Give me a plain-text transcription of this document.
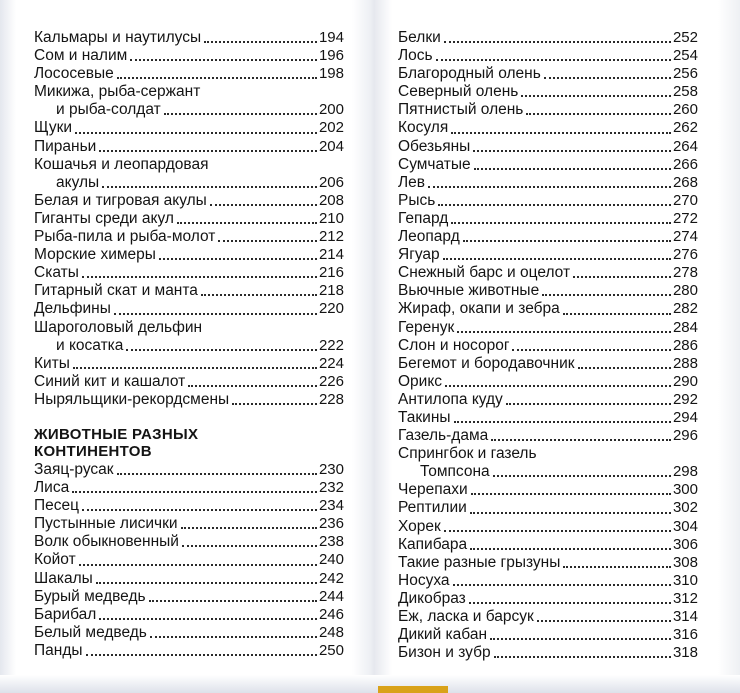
Кальмары и наутилусы	194
Сом и налим	196
Лососевые	198
Микижа, рыба-сержант
и рыба-солдат	200
Щуки	202
Пираньи	204
Кошачья и леопардовая
акулы	206
Белая и тигровая акулы	208
Гиганты среди акул	210
Рыба-пила и рыба-молот	212
Морские химеры	214
Скаты	216
Гитарный скат и манта	218
Дельфины	220
Шароголовый дельфин
и косатка	222
Киты	224
Синий кит и кашалот	226
Ныряльщики-рекордсмены	228
ЖИВОТНЫЕ РАЗНЫХ
КОНТИНЕНТОВ
Заяц-русак	230
Лиса	232
Песец	234
Пустынные лисички	236
Волк обыкновенный	238
Койот	240
Шакалы	242
Бурый медведь	244
Барибал	246
Белый медведь	248
Панды	250
Белки	252
Лось	254
Благородный олень	256
Северный олень	258
Пятнистый олень	260
Косуля	262
Обезьяны	264
Сумчатые	266
Лев	268
Рысь	270
Гепард	272
Леопард	274
Ягуар	276
Снежный барс и оцелот	278
Вьючные животные	280
Жираф, окапи и зебра	282
Геренук	284
Слон и носорог	286
Бегемот и бородавочник	288
Орикс	290
Антилопа куду	292
Такины	294
Газель-дама	296
Спрингбок и газель
Томпсона	298
Черепахи	300
Рептилии	302
Хорек	304
Капибара	306
Такие разные грызуны	308
Носуха	310
Дикобраз	312
Еж, ласка и барсук	314
Дикий кабан	316
Бизон и зубр	318
